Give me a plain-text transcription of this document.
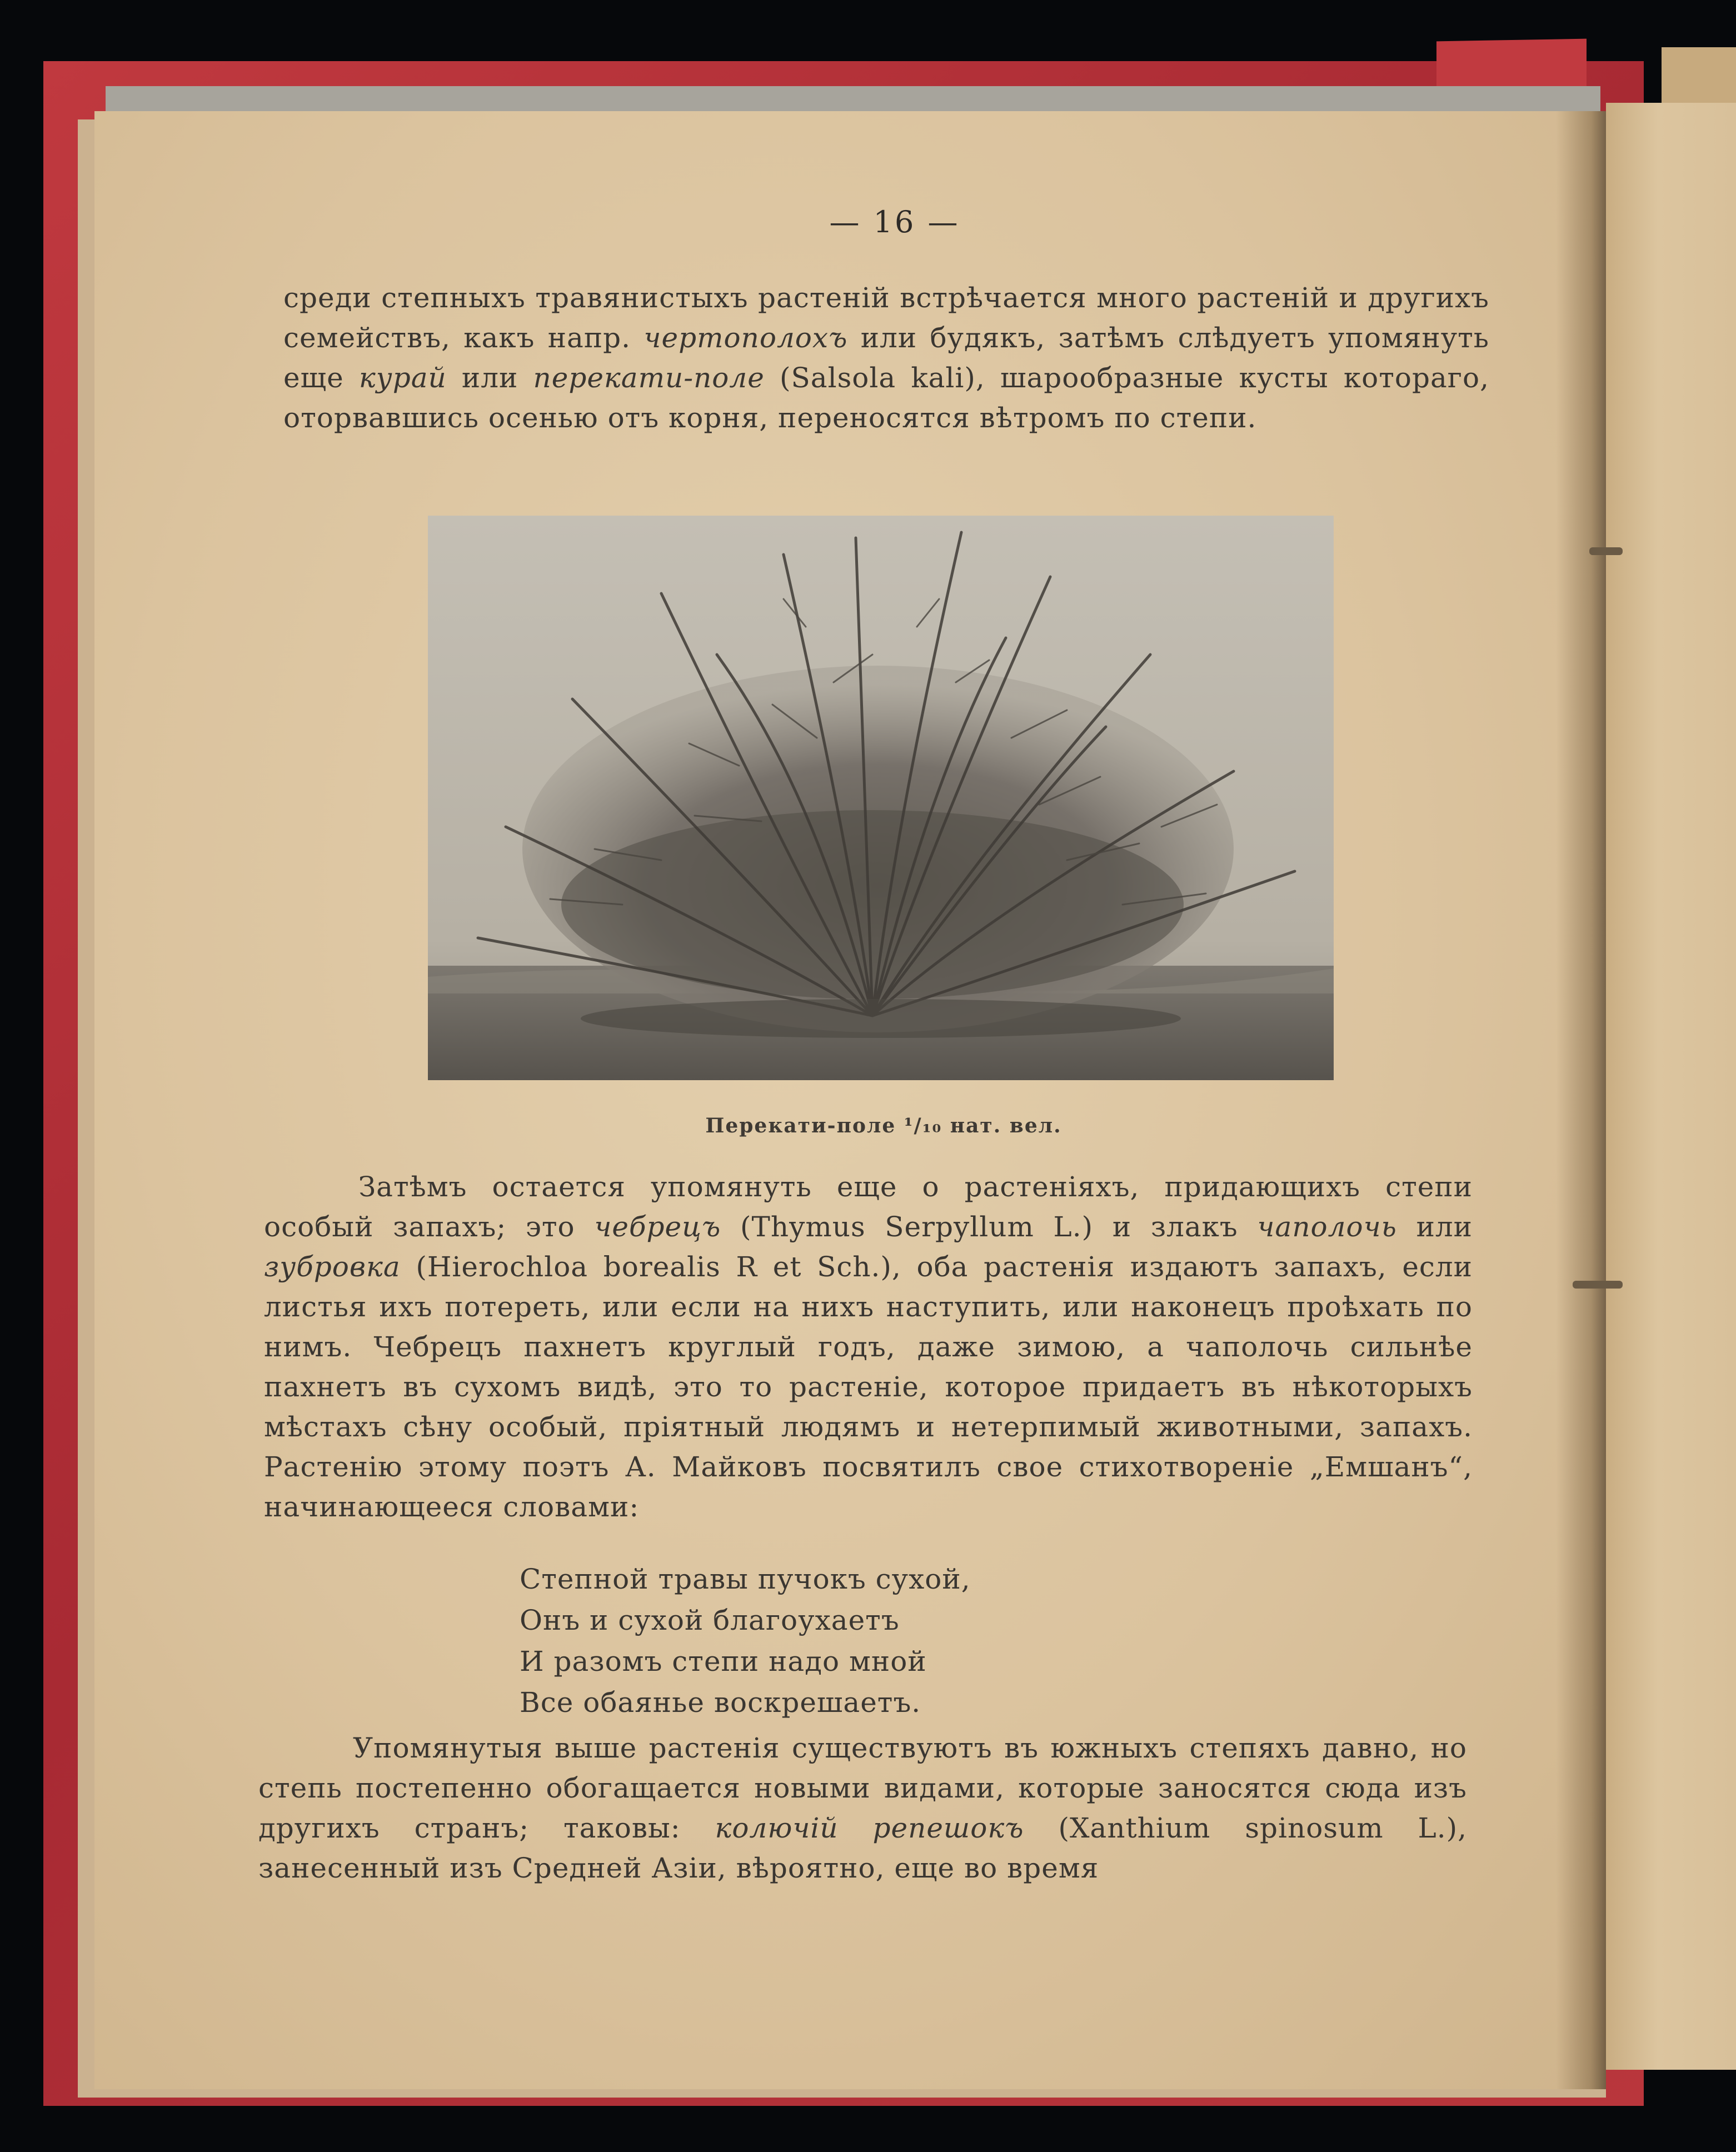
— 16 —
среди степныхъ травянистыхъ растеній встрѣчается много растеній и другихъ семействъ, какъ напр. чертополохъ или будякъ, затѣмъ слѣдуетъ упомянуть еще курай или перекати-поле (Salsola kali), шарообразные кусты котораго, оторвавшись осенью отъ корня, переносятся вѣтромъ по степи.
Перекати-поле ¹/₁₀ нат. вел.
Затѣмъ остается упомянуть еще о растеніяхъ, придающихъ степи особый запахъ; это чебрецъ (Thymus Serpyllum L.) и злакъ чаполочь или зубровка (Hierochloa borealis R et Sch.), оба растенія издаютъ запахъ, если листья ихъ потереть, или если на нихъ наступить, или наконецъ проѣхать по нимъ. Чебрецъ пахнетъ круглый годъ, даже зимою, а чаполочь сильнѣе пахнетъ въ сухомъ видѣ, это то растеніе, которое придаетъ въ нѣкоторыхъ мѣстахъ сѣну особый, пріятный людямъ и нетерпимый животными, запахъ. Растенію этому поэтъ А. Майковъ посвятилъ свое стихотвореніе „Емшанъ“, начинающееся словами:
Степной травы пучокъ сухой,
Онъ и сухой благоухаетъ
И разомъ степи надо мной
Все обаянье воскрешаетъ.
Упомянутыя выше растенія существуютъ въ южныхъ степяхъ давно, но степь постепенно обогащается новыми видами, которые заносятся сюда изъ другихъ странъ; таковы: колючій репешокъ (Xanthium spinosum L.), занесенный изъ Средней Азіи, вѣроятно, еще во время
